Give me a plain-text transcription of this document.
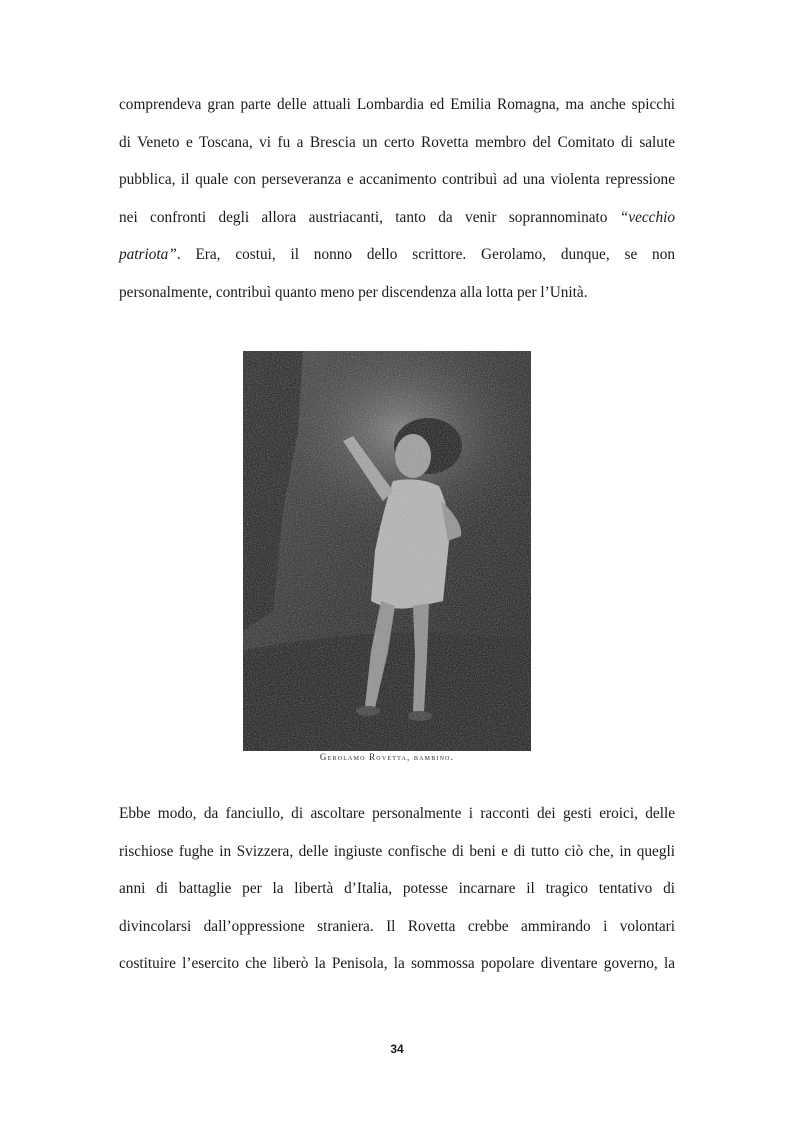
comprendeva gran parte delle attuali Lombardia ed Emilia Romagna, ma anche spicchi
di Veneto e Toscana, vi fu a Brescia un certo Rovetta membro del Comitato di salute
pubblica, il quale con perseveranza e accanimento contribuì ad una violenta repressione
nei confronti degli allora austriacanti, tanto da venir soprannominato “vecchio
patriota”. Era, costui, il nonno dello scrittore. Gerolamo, dunque, se non
personalmente, contribuì quanto meno per discendenza alla lotta per l’Unità.

Gerolamo Rovetta, bambino.

Ebbe modo, da fanciullo, di ascoltare personalmente i racconti dei gesti eroici, delle
rischiose fughe in Svizzera, delle ingiuste confische di beni e di tutto ciò che, in quegli
anni di battaglie per la libertà d’Italia, potesse incarnare il tragico tentativo di
divincolarsi dall’oppressione straniera. Il Rovetta crebbe ammirando i volontari
costituire l’esercito che liberò la Penisola, la sommossa popolare diventare governo, la

34
